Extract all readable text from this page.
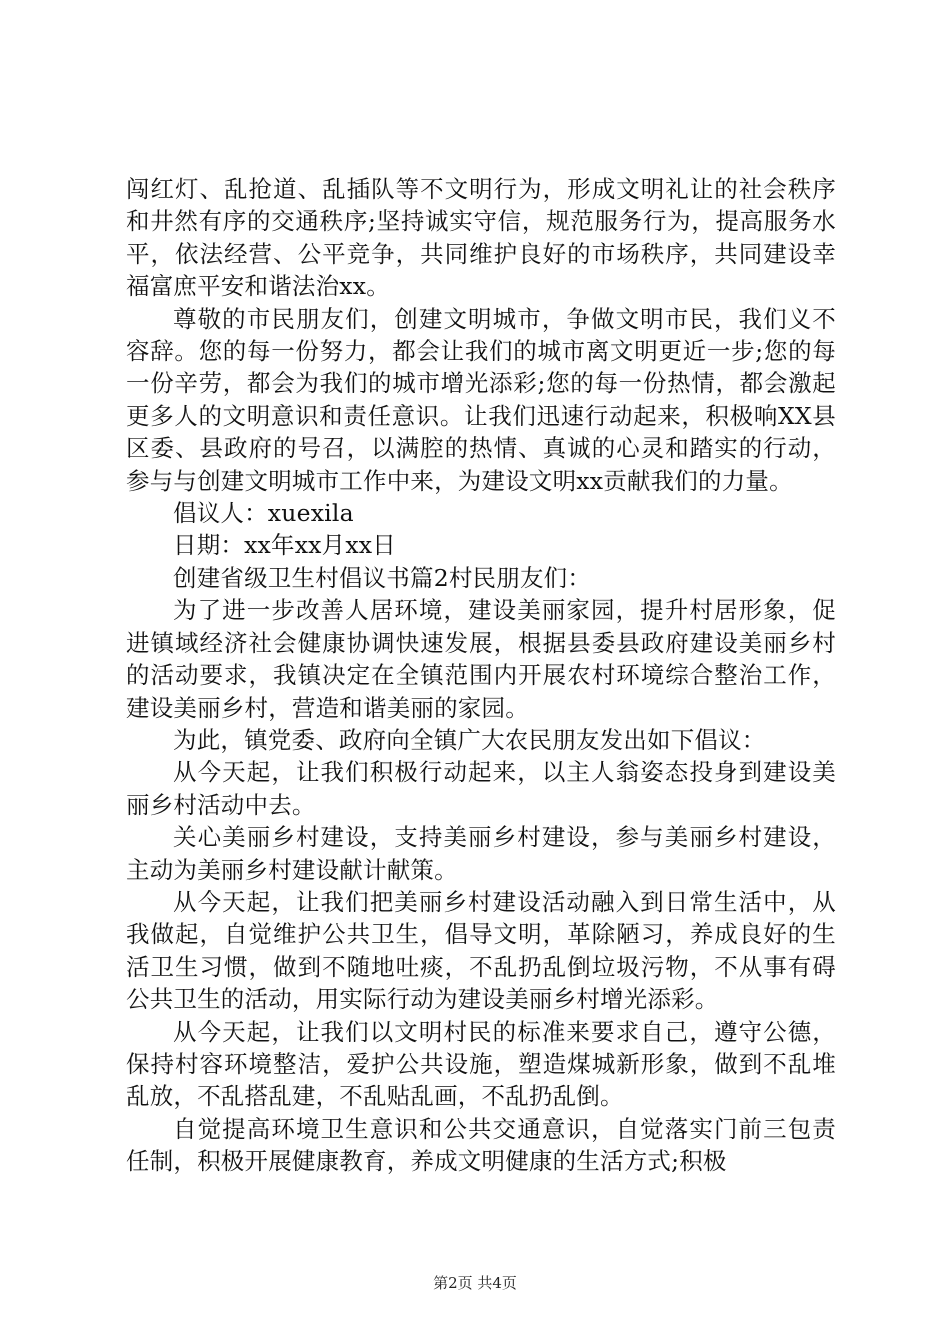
闯红灯、乱抢道、乱插队等不文明行为，形成文明礼让的社会秩序和井然有序的交通秩序;坚持诚实守信，规范服务行为，提高服务水平，依法经营、公平竞争，共同维护良好的市场秩序，共同建设幸福富庶平安和谐法治xx。

尊敬的市民朋友们，创建文明城市，争做文明市民，我们义不容辞。您的每一份努力，都会让我们的城市离文明更近一步;您的每一份辛劳，都会为我们的城市增光添彩;您的每一份热情，都会激起更多人的文明意识和责任意识。让我们迅速行动起来，积极响XX县区委、县政府的号召，以满腔的热情、真诚的心灵和踏实的行动，参与与创建文明城市工作中来，为建设文明xx贡献我们的力量。

倡议人：xuexila

日期：xx年xx月xx日

创建省级卫生村倡议书篇2村民朋友们：

为了进一步改善人居环境，建设美丽家园，提升村居形象，促进镇域经济社会健康协调快速发展，根据县委县政府建设美丽乡村的活动要求，我镇决定在全镇范围内开展农村环境综合整治工作，建设美丽乡村，营造和谐美丽的家园。

为此，镇党委、政府向全镇广大农民朋友发出如下倡议：

从今天起，让我们积极行动起来，以主人翁姿态投身到建设美丽乡村活动中去。

关心美丽乡村建设，支持美丽乡村建设，参与美丽乡村建设，主动为美丽乡村建设献计献策。

从今天起，让我们把美丽乡村建设活动融入到日常生活中，从我做起，自觉维护公共卫生，倡导文明，革除陋习，养成良好的生活卫生习惯，做到不随地吐痰，不乱扔乱倒垃圾污物，不从事有碍公共卫生的活动，用实际行动为建设美丽乡村增光添彩。

从今天起，让我们以文明村民的标准来要求自己，遵守公德，保持村容环境整洁，爱护公共设施，塑造煤城新形象，做到不乱堆乱放，不乱搭乱建，不乱贴乱画，不乱扔乱倒。

自觉提高环境卫生意识和公共交通意识，自觉落实门前三包责任制，积极开展健康教育，养成文明健康的生活方式;积极

第2页 共4页
